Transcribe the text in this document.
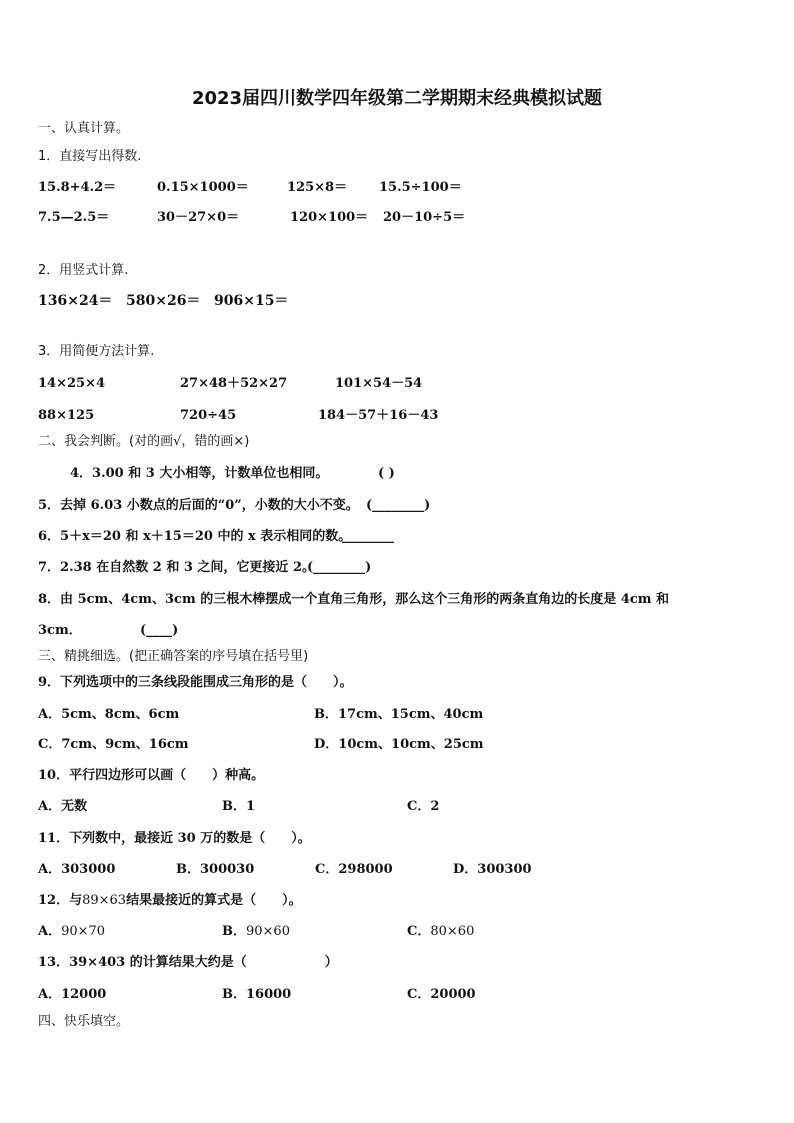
2023届四川数学四年级第二学期期末经典模拟试题
一、认真计算。
1．直接写出得数.
15.8+4.2＝	0.15×1000＝	125×8＝ 15.5÷100＝
7.5—2.5＝	30－27×0＝	120×100＝ 20－10÷5＝
2．用竖式计算.
136×24＝ 580×26＝ 906×15＝
3．用简便方法计算.
14×25×4	27×48＋52×27	101×54－54
88×125	720÷45	184－57＋16－43
二、我会判断。(对的画√，错的画×)
4．3.00 和 3 大小相等，计数单位也相同。	( )
5．去掉 6.03 小数点的后面的“0”，小数的大小不变。 (________)
6．5＋x＝20 和 x＋15＝20 中的 x 表示相同的数。
________
7．2.38 在自然数 2 和 3 之间，它更接近 2。
(________)
8．由 5cm、4cm、3cm 的三根木棒摆成一个直角三角形，那么这个三角形的两条直角边的长度是 4cm 和
3cm．	(____)
三、精挑细选。(把正确答案的序号填在括号里)
9．下列选项中的三条线段能围成三角形的是（　　）。
A．5cm、8cm、6cm	B．17cm、15cm、40cm
C．7cm、9cm、16cm	D．10cm、10cm、25cm
10．平行四边形可以画（　　）种高。
A．无数	B．1	C．2
11．下列数中，最接近 30 万的数是（　　）。
A．303000	B．300030	C．298000	D．300300
12．与89×63结果最接近的算式是（　　）。
A．90×70	B．90×60	C．80×60
13．39×403 的计算结果大约是（　　　　　　）
A．12000	B．16000	C．20000
四、快乐填空。
